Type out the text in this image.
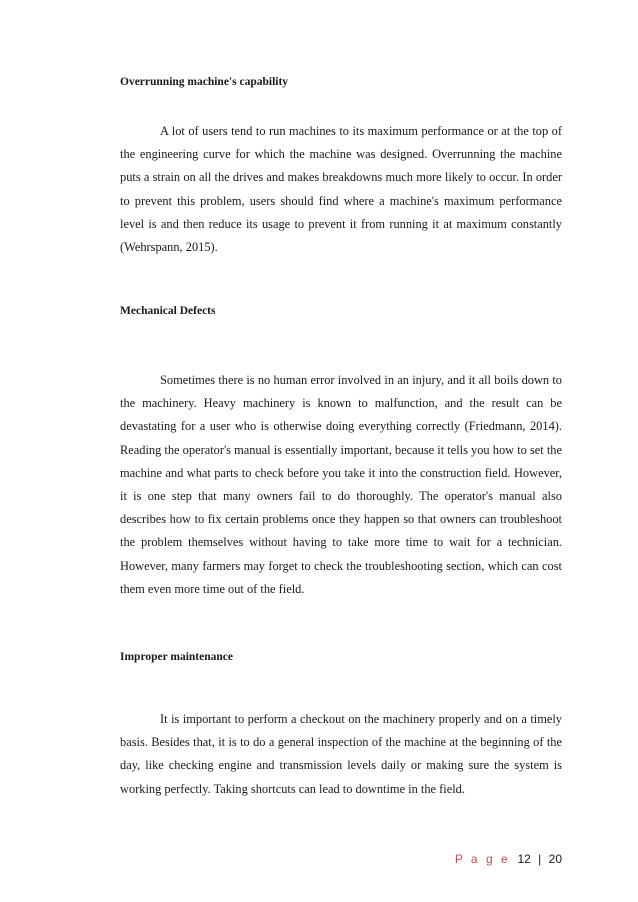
Overrunning machine's capability

A lot of users tend to run machines to its maximum performance or at the top of the engineering curve for which the machine was designed. Overrunning the machine puts a strain on all the drives and makes breakdowns much more likely to occur. In order to prevent this problem, users should find where a machine's maximum performance level is and then reduce its usage to prevent it from running it at maximum constantly (Wehrspann, 2015).

Mechanical Defects

Sometimes there is no human error involved in an injury, and it all boils down to the machinery. Heavy machinery is known to malfunction, and the result can be devastating for a user who is otherwise doing everything correctly (Friedmann, 2014). Reading the operator's manual is essentially important, because it tells you how to set the machine and what parts to check before you take it into the construction field. However, it is one step that many owners fail to do thoroughly. The operator's manual also describes how to fix certain problems once they happen so that owners can troubleshoot the problem themselves without having to take more time to wait for a technician. However, many farmers may forget to check the troubleshooting section, which can cost them even more time out of the field.

Improper maintenance

It is important to perform a checkout on the machinery properly and on a timely basis. Besides that, it is to do a general inspection of the machine at the beginning of the day, like checking engine and transmission levels daily or making sure the system is working perfectly. Taking shortcuts can lead to downtime in the field.

P a g e 12 | 20
